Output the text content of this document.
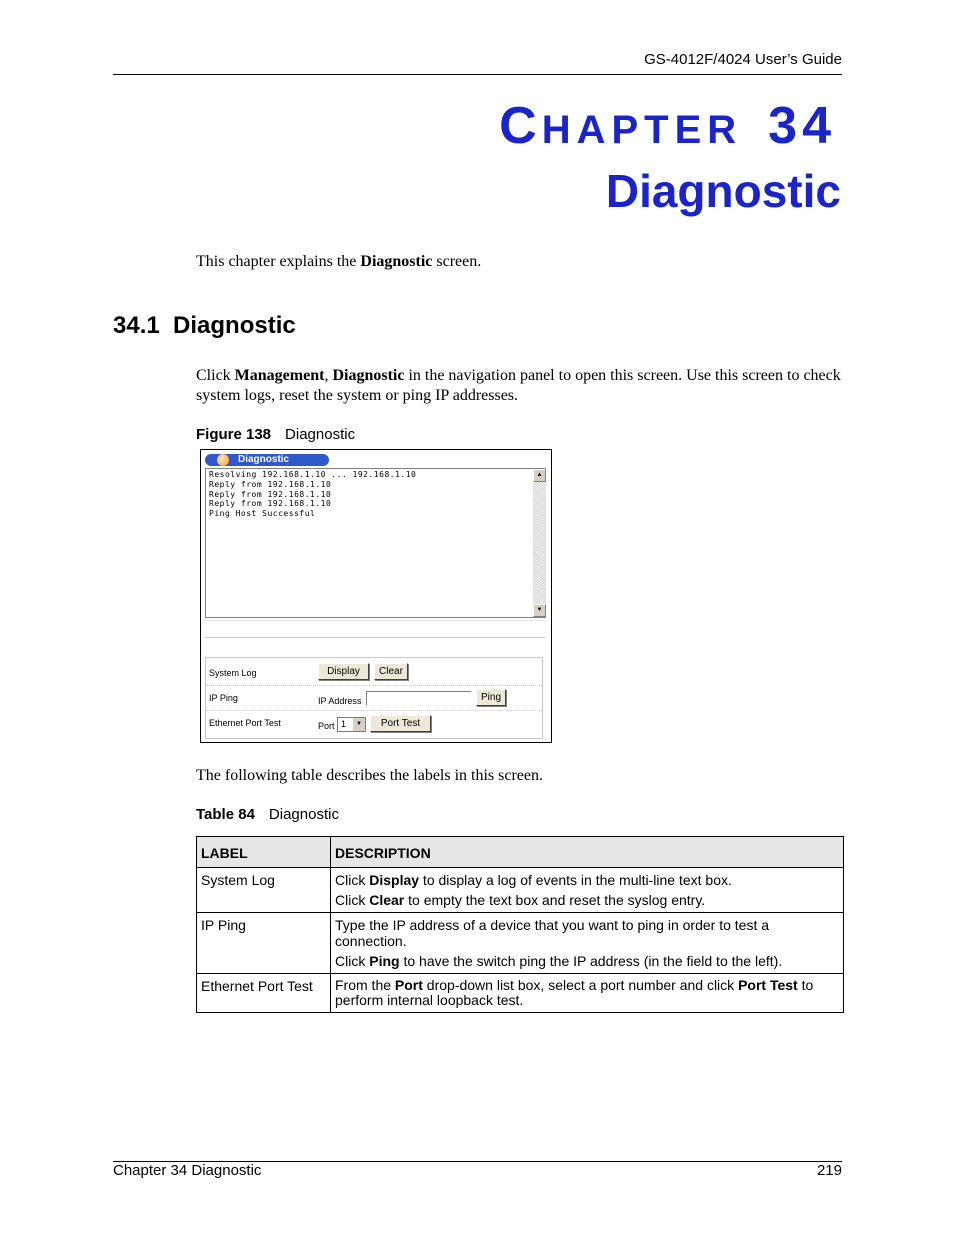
GS-4012F/4024 User’s Guide
CHAPTER 34
Diagnostic
This chapter explains the Diagnostic screen.
34.1  Diagnostic
Click Management, Diagnostic in the navigation panel to open this screen. Use this screen to check system logs, reset the system or ping IP addresses.
Figure 138 Diagnostic
Diagnostic
Resolving 192.168.1.10 ... 192.168.1.10
Reply from 192.168.1.10
Reply from 192.168.1.10
Reply from 192.168.1.10
Ping Host Successful
▲
▼
System Log	Display	Clear
IP Ping	IP Address	Ping
Ethernet Port Test	Port 1	▼	Port Test
The following table describes the labels in this screen.
Table 84 Diagnostic
LABEL	DESCRIPTION
System Log	Click Display to display a log of events in the multi-line text box.
Click Clear to empty the text box and reset the syslog entry.

IP Ping	Type the IP address of a device that you want to ping in order to test a connection.
Click Ping to have the switch ping the IP address (in the field to the left).

Ethernet Port Test	From the Port drop-down list box, select a port number and click Port Test to perform internal loopback test.
Chapter 34 Diagnostic	219
